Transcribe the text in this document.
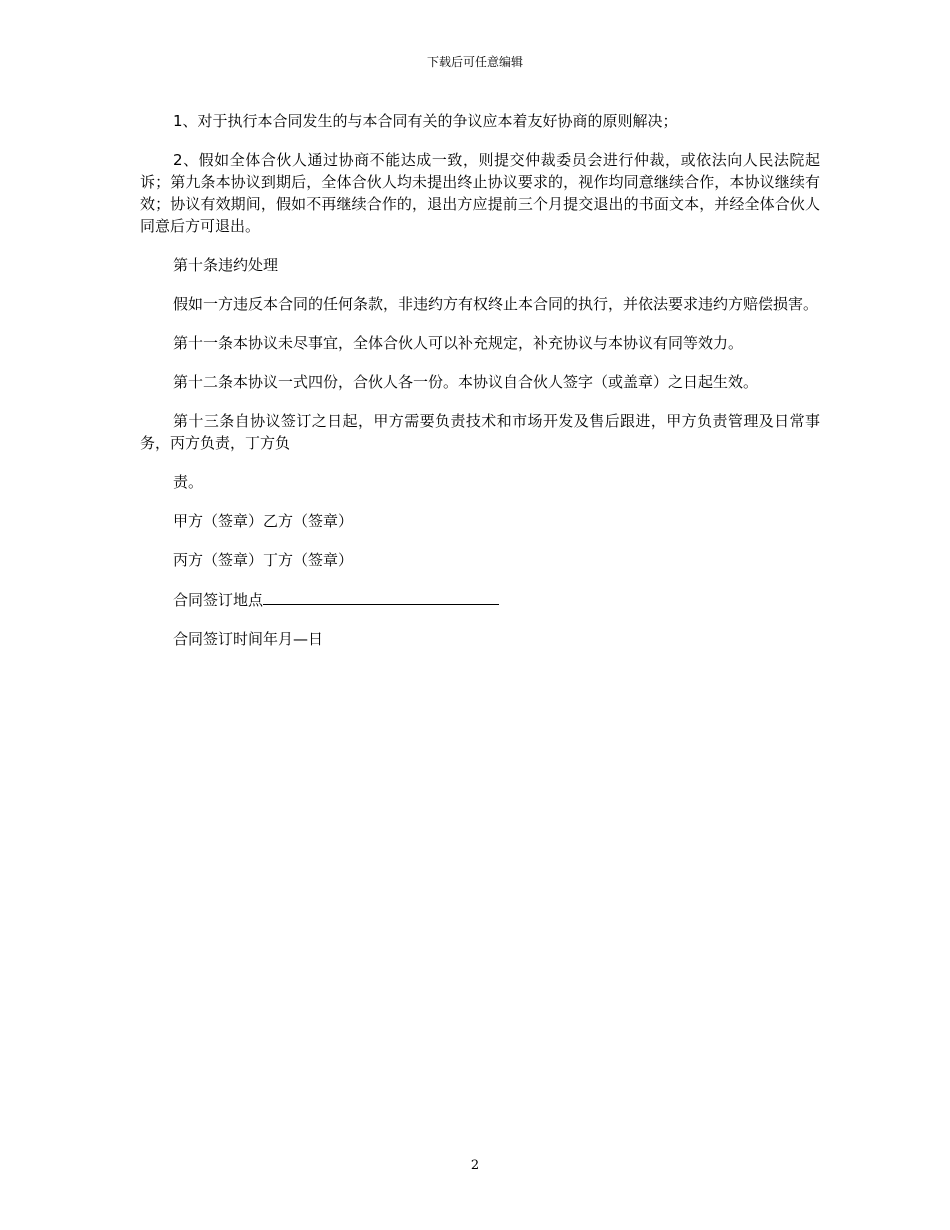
下载后可任意编辑

1、对于执行本合同发生的与本合同有关的争议应本着友好协商的原则解决；

2、假如全体合伙人通过协商不能达成一致，则提交仲裁委员会进行仲裁，或依法向人民法院起诉；第九条本协议到期后，全体合伙人均未提出终止协议要求的，视作均同意继续合作，本协议继续有效；协议有效期间，假如不再继续合作的，退出方应提前三个月提交退出的书面文本，并经全体合伙人同意后方可退出。

第十条违约处理

假如一方违反本合同的任何条款，非违约方有权终止本合同的执行，并依法要求违约方赔偿损害。

第十一条本协议未尽事宜，全体合伙人可以补充规定，补充协议与本协议有同等效力。

第十二条本协议一式四份，合伙人各一份。本协议自合伙人签字（或盖章）之日起生效。

第十三条自协议签订之日起，甲方需要负责技术和市场开发及售后跟进，甲方负责管理及日常事务，丙方负责，丁方负

责。

甲方（签章）乙方（签章）
丙方（签章）丁方（签章）
合同签订地点
合同签订时间年月—日
2
